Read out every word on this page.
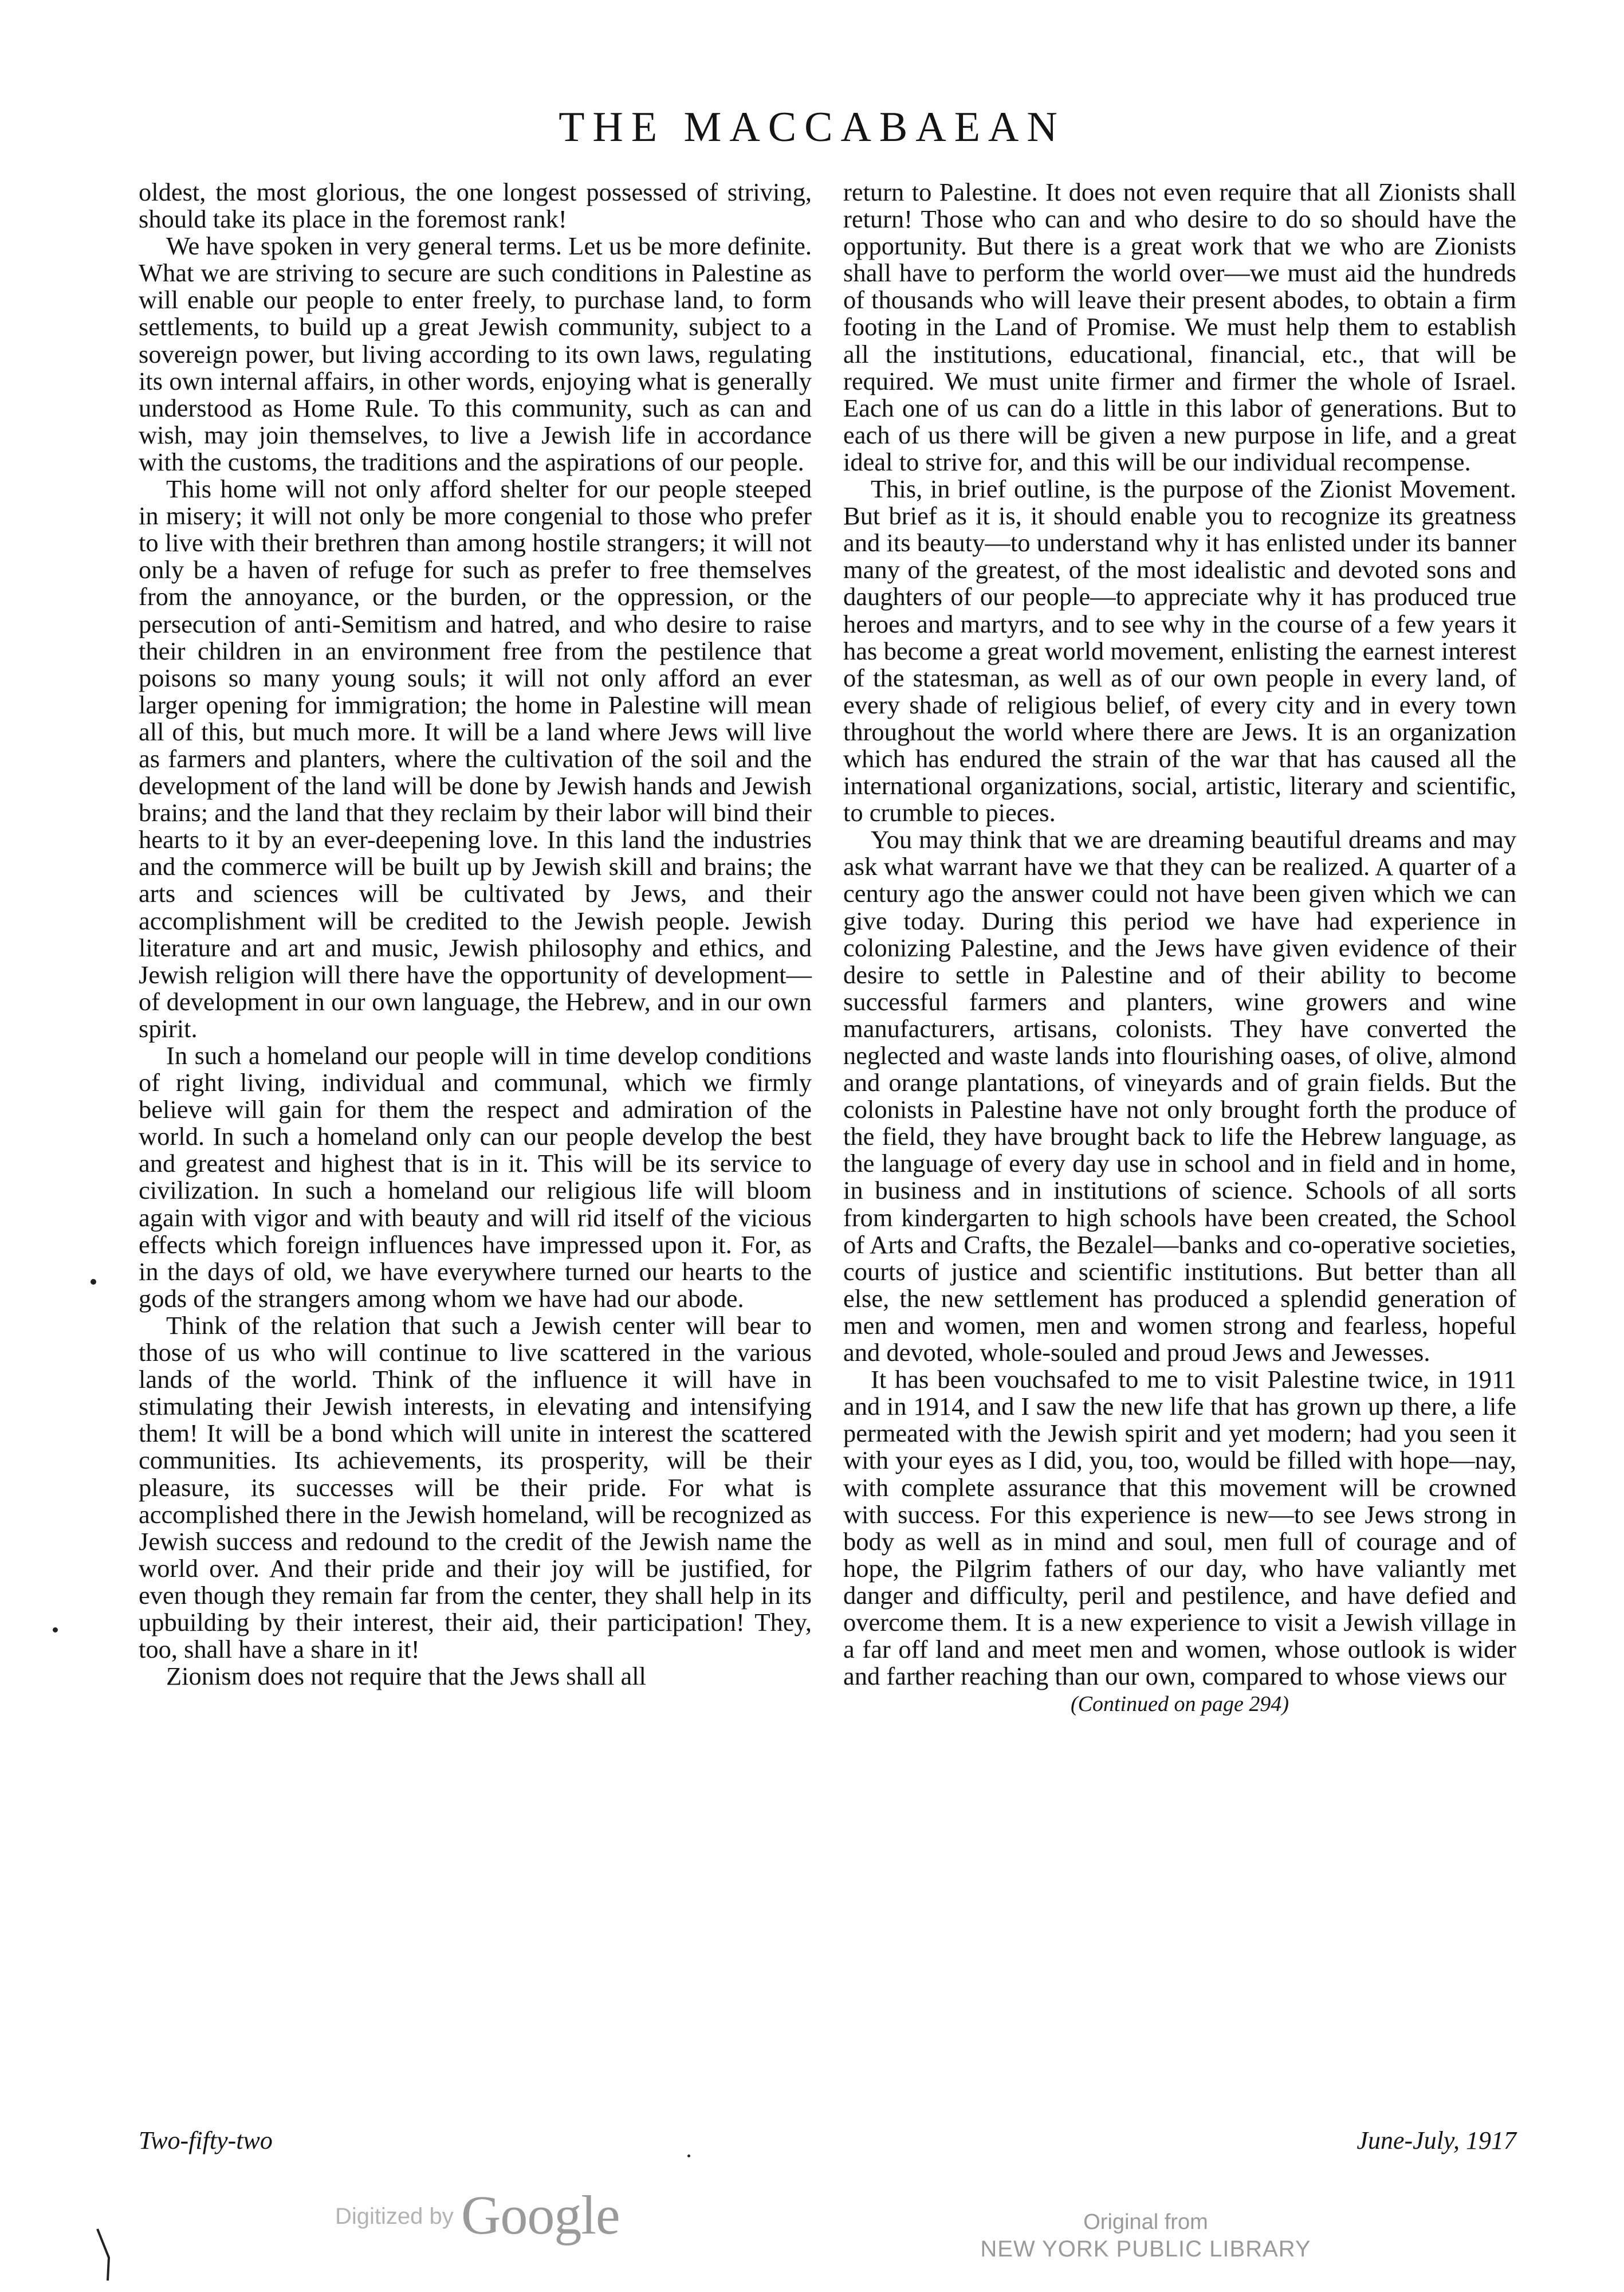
THE MACCABAEAN

oldest, the most glorious, the one longest possessed of striving, should take its place in the foremost rank!

We have spoken in very general terms. Let us be more definite. What we are striving to secure are such conditions in Palestine as will enable our people to enter freely, to purchase land, to form settlements, to build up a great Jewish community, subject to a sovereign power, but living according to its own laws, regulating its own internal affairs, in other words, enjoying what is generally understood as Home Rule. To this community, such as can and wish, may join themselves, to live a Jewish life in accordance with the customs, the traditions and the aspirations of our people.

This home will not only afford shelter for our people steeped in misery; it will not only be more congenial to those who prefer to live with their brethren than among hostile strangers; it will not only be a haven of refuge for such as prefer to free themselves from the annoyance, or the burden, or the oppression, or the persecution of anti-Semitism and hatred, and who desire to raise their children in an environment free from the pestilence that poisons so many young souls; it will not only afford an ever larger opening for immigration; the home in Palestine will mean all of this, but much more. It will be a land where Jews will live as farmers and planters, where the cultivation of the soil and the development of the land will be done by Jewish hands and Jewish brains; and the land that they reclaim by their labor will bind their hearts to it by an ever-deepening love. In this land the industries and the commerce will be built up by Jewish skill and brains; the arts and sciences will be cultivated by Jews, and their accomplishment will be credited to the Jewish people. Jewish literature and art and music, Jewish philosophy and ethics, and Jewish religion will there have the opportunity of development—of development in our own language, the Hebrew, and in our own spirit.

In such a homeland our people will in time develop conditions of right living, individual and communal, which we firmly believe will gain for them the respect and admiration of the world. In such a homeland only can our people develop the best and greatest and highest that is in it. This will be its service to civilization. In such a homeland our religious life will bloom again with vigor and with beauty and will rid itself of the vicious effects which foreign influences have impressed upon it. For, as in the days of old, we have everywhere turned our hearts to the gods of the strangers among whom we have had our abode.

Think of the relation that such a Jewish center will bear to those of us who will continue to live scattered in the various lands of the world. Think of the influence it will have in stimulating their Jewish interests, in elevating and intensifying them! It will be a bond which will unite in interest the scattered communities. Its achievements, its prosperity, will be their pleasure, its successes will be their pride. For what is accomplished there in the Jewish homeland, will be recognized as Jewish success and redound to the credit of the Jewish name the world over. And their pride and their joy will be justified, for even though they remain far from the center, they shall help in its upbuilding by their interest, their aid, their participation! They, too, shall have a share in it!

Zionism does not require that the Jews shall all

return to Palestine. It does not even require that all Zionists shall return! Those who can and who desire to do so should have the opportunity. But there is a great work that we who are Zionists shall have to perform the world over—we must aid the hundreds of thousands who will leave their present abodes, to obtain a firm footing in the Land of Promise. We must help them to establish all the institutions, educational, financial, etc., that will be required. We must unite firmer and firmer the whole of Israel. Each one of us can do a little in this labor of generations. But to each of us there will be given a new purpose in life, and a great ideal to strive for, and this will be our individual recompense.

This, in brief outline, is the purpose of the Zionist Movement. But brief as it is, it should enable you to recognize its greatness and its beauty—to understand why it has enlisted under its banner many of the greatest, of the most idealistic and devoted sons and daughters of our people—to appreciate why it has produced true heroes and martyrs, and to see why in the course of a few years it has become a great world movement, enlisting the earnest interest of the statesman, as well as of our own people in every land, of every shade of religious belief, of every city and in every town throughout the world where there are Jews. It is an organization which has endured the strain of the war that has caused all the international organizations, social, artistic, literary and scientific, to crumble to pieces.

You may think that we are dreaming beautiful dreams and may ask what warrant have we that they can be realized. A quarter of a century ago the answer could not have been given which we can give today. During this period we have had experience in colonizing Palestine, and the Jews have given evidence of their desire to settle in Palestine and of their ability to become successful farmers and planters, wine growers and wine manufacturers, artisans, colonists. They have converted the neglected and waste lands into flourishing oases, of olive, almond and orange plantations, of vineyards and of grain fields. But the colonists in Palestine have not only brought forth the produce of the field, they have brought back to life the Hebrew language, as the language of every day use in school and in field and in home, in business and in institutions of science. Schools of all sorts from kindergarten to high schools have been created, the School of Arts and Crafts, the Bezalel—banks and co-operative societies, courts of justice and scientific institutions. But better than all else, the new settlement has produced a splendid generation of men and women, men and women strong and fearless, hopeful and devoted, whole-souled and proud Jews and Jewesses.

It has been vouchsafed to me to visit Palestine twice, in 1911 and in 1914, and I saw the new life that has grown up there, a life permeated with the Jewish spirit and yet modern; had you seen it with your eyes as I did, you, too, would be filled with hope—nay, with complete assurance that this movement will be crowned with success. For this experience is new—to see Jews strong in body as well as in mind and soul, men full of courage and of hope, the Pilgrim fathers of our day, who have valiantly met danger and difficulty, peril and pestilence, and have defied and overcome them. It is a new experience to visit a Jewish village in a far off land and meet men and women, whose outlook is wider and farther reaching than our own, compared to whose views our

(Continued on page 294)
Two-fifty-two	June-July, 1917
Digitized by Google	Original from
NEW YORK PUBLIC LIBRARY
